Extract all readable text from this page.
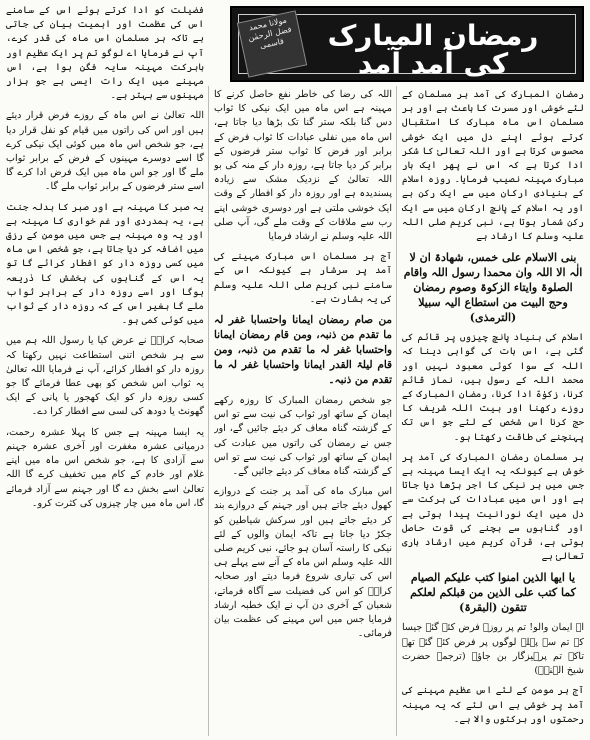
رمضان المبارک کی آمد آمد
مولانا محمد فضل الرحمٰن قاسمی

رمضان المبارک کی آمد ہر مسلمان کے لئے خوشی اور مسرت کا باعث ہے اور ہر مسلمان اس ماہ مبارک کا استقبال کرتے ہوئے اپنے دل میں ایک خوشی محسوس کرتا ہے اور اللہ تعالیٰ کا شکر ادا کرتا ہے کہ اس نے پھر ایک بار مبارک مہینہ نصیب فرمایا۔ روزہ اسلام کے بنیادی ارکان میں سے ایک رکن ہے اور یہ اسلام کے پانچ ارکان میں سے ایک رکن شمار ہوتا ہے، نبی کریم صلی اللہ علیہ وسلم کا ارشاد ہے

بنی الاسلام علی خمس، شھادۃ ان لا الٰہ الا اللہ وان محمدا رسول اللہ واقام الصلوۃ وایتاء الزکوۃ وصوم رمضان وحج البیت من استطاع الیہ سبیلا (الترمذی)

اسلام کی بنیاد پانچ چیزوں پر قائم کی گئی ہے، اس بات کی گواہی دینا کہ اللہ کے سوا کوئی معبود نہیں اور محمد اللہ کے رسول ہیں، نماز قائم کرنا، زکوٰۃ ادا کرنا، رمضان المبارک کے روزے رکھنا اور بیت اللہ شریف کا حج کرنا اس شخص کے لئے جو اس تک پہنچنے کی طاقت رکھتا ہو۔

ہر مسلمان رمضان المبارک کی آمد پر خوش ہے کیونکہ یہ ایک ایسا مہینہ ہے جس میں ہر نیکی کا اجر بڑھا دیا جاتا ہے اور اس میں عبادات کی برکت سے دل میں ایک نورانیت پیدا ہوتی ہے اور گناہوں سے بچنے کی قوت حاصل ہوتی ہے، قرآن کریم میں ارشاد باری تعالیٰ ہے

یا ایھا الذین امنوا کتب علیکم الصیام کما کتب علی الذین من قبلکم لعلکم تتقون (البقرۃ)

اے ایمان والو! تم پر روزے فرض کئے گئے جیسا کہ تم سے پہلے لوگوں پر فرض کئے گئے تھے تاکہ تم پرہیزگار بن جاؤ۔ (ترجمہ حضرت شیخ الہندؒ)

آج ہر مومن کے لئے اس عظیم مہینے کی آمد پر خوشی ہے اس لئے کہ یہ مہینہ رحمتوں اور برکتوں والا ہے۔

اللہ کی رضا کی خاطر نفع حاصل کرنے کا مہینہ ہے اس ماہ میں ایک نیکی کا ثواب دس گنا بلکہ ستر گنا تک بڑھا دیا جاتا ہے، اس ماہ میں نفلی عبادات کا ثواب فرض کے برابر اور فرض کا ثواب ستر فرضوں کے برابر کر دیا جاتا ہے، روزہ دار کے منہ کی بو اللہ تعالیٰ کے نزدیک مشک سے زیادہ پسندیدہ ہے اور روزہ دار کو افطار کے وقت ایک خوشی ملتی ہے اور دوسری خوشی اپنے رب سے ملاقات کے وقت ملے گی، آپ صلی اللہ علیہ وسلم نے ارشاد فرمایا

آج ہر مسلمان اس مبارک مہینے کی آمد پر سرشار ہے کیونکہ اس کے سامنے نبی کریم صلی اللہ علیہ وسلم کی یہ بشارت ہے۔

من صام رمضان ایمانا واحتسابا غفر لہ ما تقدم من ذنبہ، ومن قام رمضان ایمانا واحتسابا غفر لہ ما تقدم من ذنبہ، ومن قام لیلۃ القدر ایمانا واحتسابا غفر لہ ما تقدم من ذنبہ۔

جو شخص رمضان المبارک کا روزہ رکھے ایمان کے ساتھ اور ثواب کی نیت سے تو اس کے گزشتہ گناہ معاف کر دیئے جائیں گے، اور جس نے رمضان کی راتوں میں عبادت کی ایمان کے ساتھ اور ثواب کی نیت سے تو اس کے گزشتہ گناہ معاف کر دیئے جائیں گے۔

اس مبارک ماہ کی آمد پر جنت کے دروازے کھول دیئے جاتے ہیں اور جہنم کے دروازے بند کر دیئے جاتے ہیں اور سرکش شیاطین کو جکڑ دیا جاتا ہے تاکہ ایمان والوں کے لئے نیکی کا راستہ آسان ہو جائے، نبی کریم صلی اللہ علیہ وسلم اس ماہ کے آنے سے پہلے ہی اس کی تیاری شروع فرما دیتے اور صحابہ کرامؓ کو اس کی فضیلت سے آگاہ فرماتے، شعبان کے آخری دن آپ نے ایک خطبہ ارشاد فرمایا جس میں اس مہینے کی عظمت بیان فرمائی۔

فضیلت کو ادا کرتے ہوئے اس کے سامنے اس کی عظمت اور اہمیت بیان کی جاتی ہے تاکہ ہر مسلمان اس ماہ کی قدر کرے، آپ نے فرمایا اے لوگو تم پر ایک عظیم اور بابرکت مہینہ سایہ فگن ہوا ہے، اس مہینے میں ایک رات ایسی ہے جو ہزار مہینوں سے بہتر ہے۔

اللہ تعالیٰ نے اس ماہ کے روزے فرض قرار دیئے ہیں اور اس کی راتوں میں قیام کو نفل قرار دیا ہے، جو شخص اس ماہ میں کوئی ایک نیکی کرے گا اسے دوسرے مہینوں کے فرض کے برابر ثواب ملے گا اور جو اس ماہ میں ایک فرض ادا کرے گا اسے ستر فرضوں کے برابر ثواب ملے گا۔

یہ صبر کا مہینہ ہے اور صبر کا بدلہ جنت ہے، یہ ہمدردی اور غم خواری کا مہینہ ہے اور یہ وہ مہینہ ہے جس میں مومن کے رزق میں اضافہ کر دیا جاتا ہے، جو شخص اس ماہ میں کسی روزہ دار کو افطار کرائے گا تو یہ اس کے گناہوں کی بخشش کا ذریعہ ہوگا اور اسے روزہ دار کے برابر ثواب ملے گا بغیر اس کے کہ روزہ دار کے ثواب میں کوئی کمی ہو۔

صحابہ کرامؓ نے عرض کیا یا رسول اللہ ہم میں سے ہر شخص اتنی استطاعت نہیں رکھتا کہ روزہ دار کو افطار کرائے، آپ نے فرمایا اللہ تعالیٰ یہ ثواب اس شخص کو بھی عطا فرمائے گا جو کسی روزہ دار کو ایک کھجور یا پانی کے ایک گھونٹ یا دودھ کی لسی سے افطار کرا دے۔

یہ ایسا مہینہ ہے جس کا پہلا عشرہ رحمت، درمیانی عشرہ مغفرت اور آخری عشرہ جہنم سے آزادی کا ہے، جو شخص اس ماہ میں اپنے غلام اور خادم کے کام میں تخفیف کرے گا اللہ تعالیٰ اسے بخش دے گا اور جہنم سے آزاد فرمائے گا، اس ماہ میں چار چیزوں کی کثرت کرو۔
